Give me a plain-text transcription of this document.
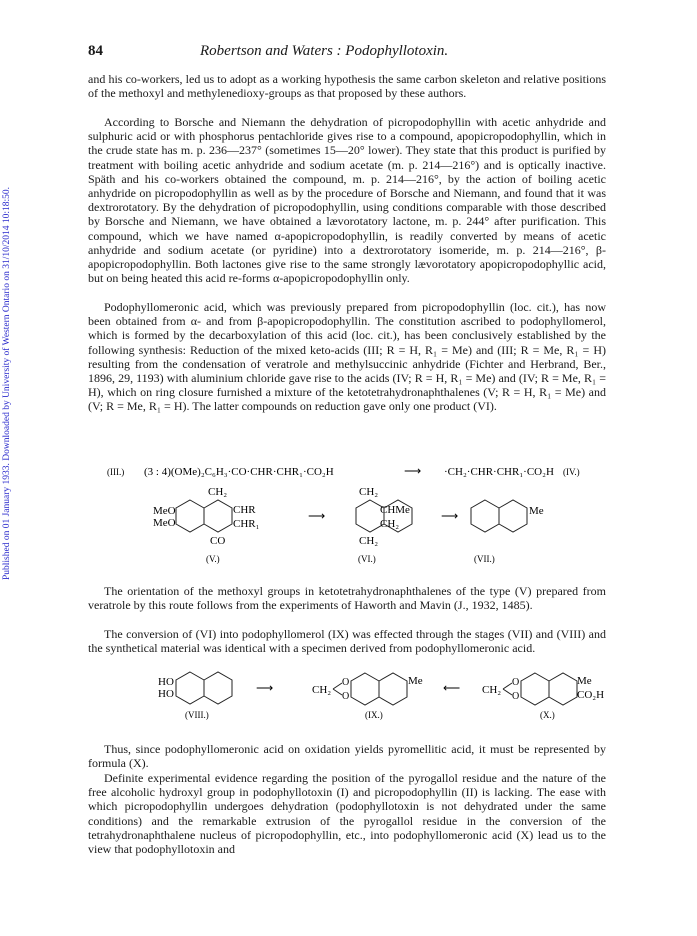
Published on 01 January 1933. Downloaded by University of Western Ontario on 31/10/2014 10:18:50.
84	Robertson and Waters : Podophyllotoxin.

and his co-workers, led us to adopt as a working hypothesis the same carbon skeleton and relative positions of the methoxyl and methylenedioxy-groups as that proposed by these authors.

According to Borsche and Niemann the dehydration of picropodophyllin with acetic anhydride and sulphuric acid or with phosphorus pentachloride gives rise to a compound, apopicropodophyllin, which in the crude state has m. p. 236—237° (sometimes 15—20° lower). They state that this product is purified by treatment with boiling acetic anhydride and sodium acetate (m. p. 214—216°) and is optically inactive. Späth and his co-workers obtained the compound, m. p. 214—216°, by the action of boiling acetic anhydride on picropodophyllin as well as by the procedure of Borsche and Niemann, and found that it was dextrorotatory. By the dehydration of picropodophyllin, using conditions comparable with those described by Borsche and Niemann, we have obtained a lævorotatory lactone, m. p. 244° after purification. This compound, which we have named α-apopicropodophyllin, is readily converted by means of acetic anhydride and sodium acetate (or pyridine) into a dextrorotatory isomeride, m. p. 214—216°, β-apopicropodophyllin. Both lactones give rise to the same strongly lævorotatory apopicropodophyllic acid, but on being heated this acid re-forms α-apopicropodophyllin only.

Podophyllomeronic acid, which was previously prepared from picropodophyllin (loc. cit.), has now been obtained from α- and from β-apopicropodophyllin. The constitution ascribed to podophyllomerol, which is formed by the decarboxylation of this acid (loc. cit.), has been conclusively established by the following synthesis: Reduction of the mixed keto-acids (III; R = H, R₁ = Me) and (III; R = Me, R₁ = H) resulting from the condensation of veratrole and methylsuccinic anhydride (Fichter and Herbrand, Ber., 1896, 29, 1193) with aluminium chloride gave rise to the acids (IV; R = H, R₁ = Me) and (IV; R = Me, R₁ = H), which on ring closure furnished a mixture of the ketotetrahydronaphthalenes (V; R = H, R₁ = Me) and (V; R = Me, R₁ = H). The latter compounds on reduction gave only one product (VI).

(III.) (3 : 4)(OMe)₂C₆H₃·CO·CHR·CHR₁·CO₂H	⟶ ·CH₂·CHR·CHR₁·CO₂H (IV.)
CH₂
MeO
MeO
CHR
CHR₁
CO
(V.)
⟶
CH₂
CHMe
CH₂
CH₂
(VI.)
⟶	Me
(VII.)

The orientation of the methoxyl groups in ketotetrahydronaphthalenes of the type (V) prepared from veratrole by this route follows from the experiments of Haworth and Mavin (J., 1932, 1485).

The conversion of (VI) into podophyllomerol (IX) was effected through the stages (VII) and (VIII) and the synthetical material was identical with a specimen derived from podophyllomeronic acid.

HO
HO
(VIII.)
⟶	CH₂
O
O
Me
(IX.)
⟵ CH₂
O
O
Me
CO₂H
(X.)

Thus, since podophyllomeronic acid on oxidation yields pyromellitic acid, it must be represented by formula (X).

Definite experimental evidence regarding the position of the pyrogallol residue and the nature of the free alcoholic hydroxyl group in podophyllotoxin (I) and picropodophyllin (II) is lacking. The ease with which picropodophyllin undergoes dehydration (podophyllotoxin is not dehydrated under the same conditions) and the remarkable extrusion of the pyrogallol residue in the conversion of the tetrahydronaphthalene nucleus of picropodophyllin, etc., into podophyllomeronic acid (X) lead us to the view that podophyllotoxin and
